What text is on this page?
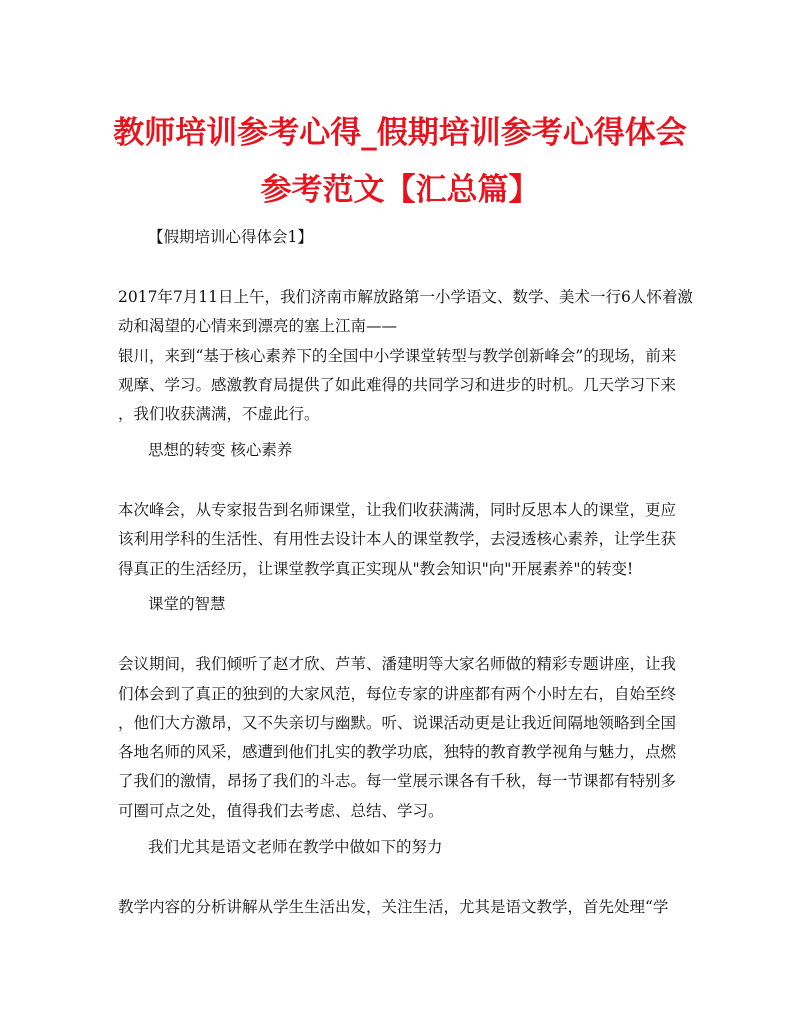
教师培训参考心得_假期培训参考心得体会
参考范文【汇总篇】

【假期培训心得体会1】

2017年7月11日上午，我们济南市解放路第一小学语文、数学、美术一行6人怀着激

动和渴望的心情来到漂亮的塞上江南——

银川，来到“基于核心素养下的全国中小学课堂转型与教学创新峰会”的现场，前来

观摩、学习。感激教育局提供了如此难得的共同学习和进步的时机。几天学习下来

，我们收获满满，不虚此行。

思想的转变 核心素养

本次峰会，从专家报告到名师课堂，让我们收获满满，同时反思本人的课堂，更应

该利用学科的生活性、有用性去设计本人的课堂教学，去浸透核心素养，让学生获

得真正的生活经历，让课堂教学真正实现从"教会知识"向"开展素养"的转变!

课堂的智慧

会议期间，我们倾听了赵才欣、芦苇、潘建明等大家名师做的精彩专题讲座，让我

们体会到了真正的独到的大家风范，每位专家的讲座都有两个小时左右，自始至终

，他们大方激昂，又不失亲切与幽默。听、说课活动更是让我近间隔地领略到全国

各地名师的风采，感遭到他们扎实的教学功底，独特的教育教学视角与魅力，点燃

了我们的激情，昂扬了我们的斗志。每一堂展示课各有千秋，每一节课都有特别多

可圈可点之处，值得我们去考虑、总结、学习。

我们尤其是语文老师在教学中做如下的努力

教学内容的分析讲解从学生生活出发，关注生活，尤其是语文教学，首先处理“学
